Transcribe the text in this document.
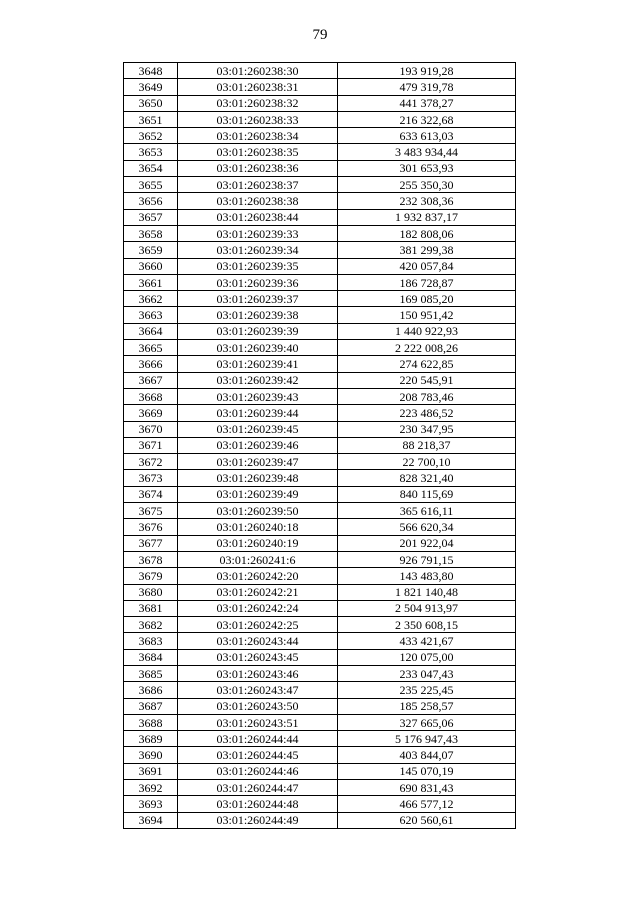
79
3648	03:01:260238:30	193 919,28
3649	03:01:260238:31	479 319,78
3650	03:01:260238:32	441 378,27
3651	03:01:260238:33	216 322,68
3652	03:01:260238:34	633 613,03
3653	03:01:260238:35	3 483 934,44
3654	03:01:260238:36	301 653,93
3655	03:01:260238:37	255 350,30
3656	03:01:260238:38	232 308,36
3657	03:01:260238:44	1 932 837,17
3658	03:01:260239:33	182 808,06
3659	03:01:260239:34	381 299,38
3660	03:01:260239:35	420 057,84
3661	03:01:260239:36	186 728,87
3662	03:01:260239:37	169 085,20
3663	03:01:260239:38	150 951,42
3664	03:01:260239:39	1 440 922,93
3665	03:01:260239:40	2 222 008,26
3666	03:01:260239:41	274 622,85
3667	03:01:260239:42	220 545,91
3668	03:01:260239:43	208 783,46
3669	03:01:260239:44	223 486,52
3670	03:01:260239:45	230 347,95
3671	03:01:260239:46	88 218,37
3672	03:01:260239:47	22 700,10
3673	03:01:260239:48	828 321,40
3674	03:01:260239:49	840 115,69
3675	03:01:260239:50	365 616,11
3676	03:01:260240:18	566 620,34
3677	03:01:260240:19	201 922,04
3678	03:01:260241:6	926 791,15
3679	03:01:260242:20	143 483,80
3680	03:01:260242:21	1 821 140,48
3681	03:01:260242:24	2 504 913,97
3682	03:01:260242:25	2 350 608,15
3683	03:01:260243:44	433 421,67
3684	03:01:260243:45	120 075,00
3685	03:01:260243:46	233 047,43
3686	03:01:260243:47	235 225,45
3687	03:01:260243:50	185 258,57
3688	03:01:260243:51	327 665,06
3689	03:01:260244:44	5 176 947,43
3690	03:01:260244:45	403 844,07
3691	03:01:260244:46	145 070,19
3692	03:01:260244:47	690 831,43
3693	03:01:260244:48	466 577,12
3694	03:01:260244:49	620 560,61
